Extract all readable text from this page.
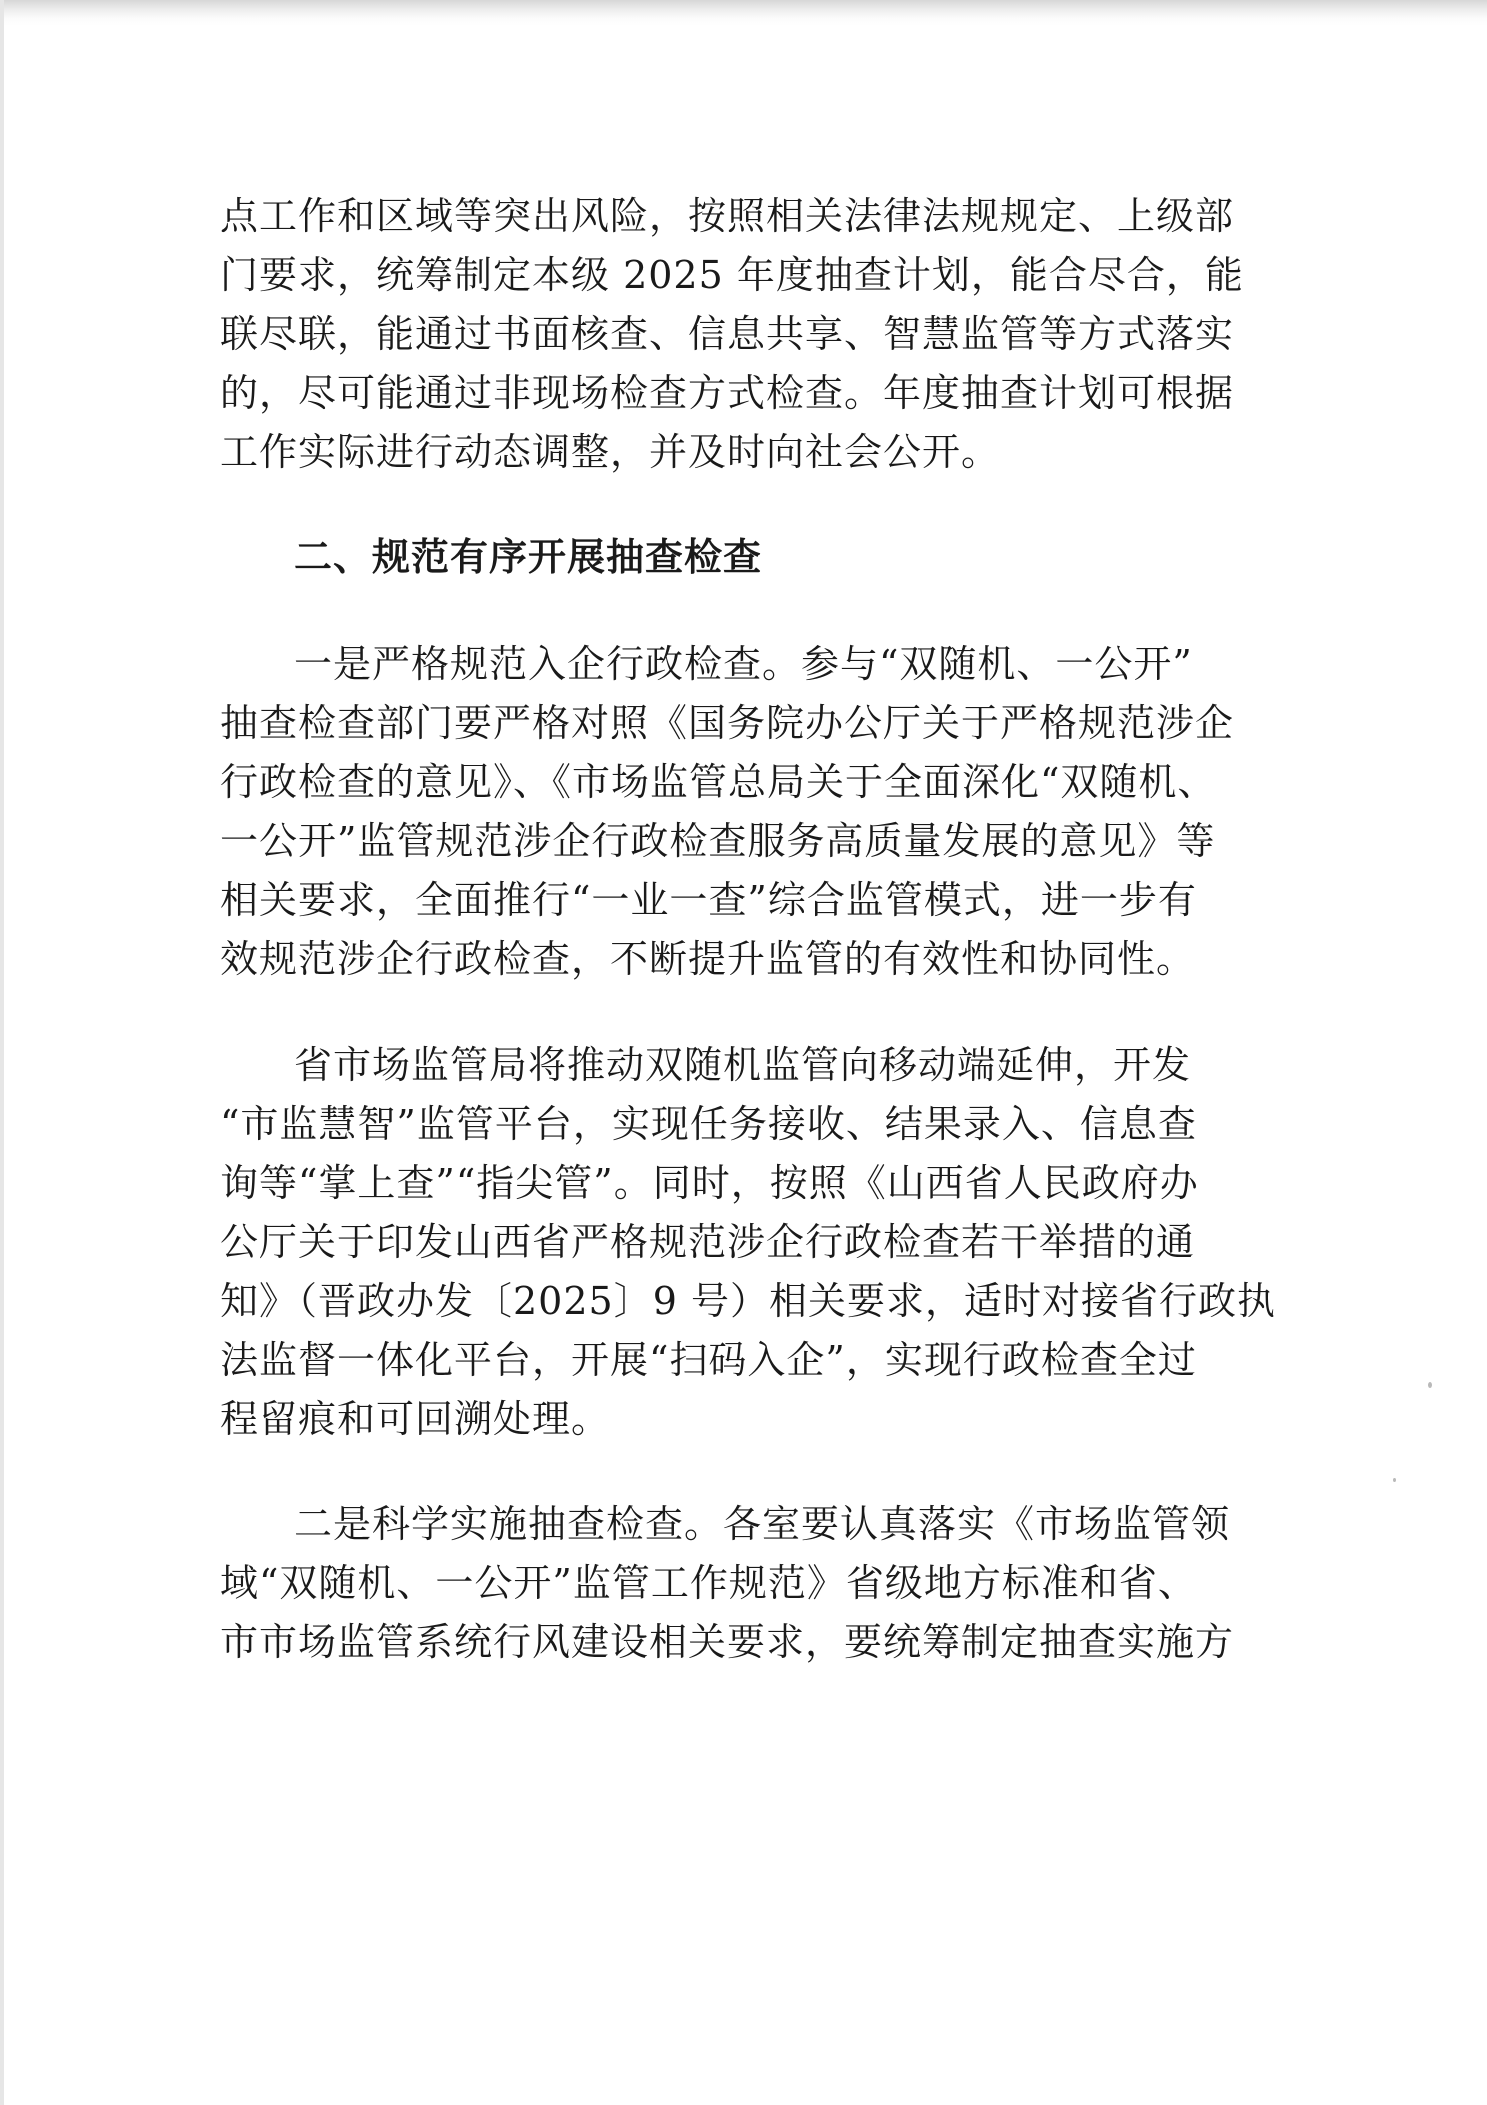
点工作和区域等突出风险，按照相关法律法规规定、上级部
门要求，统筹制定本级 2025 年度抽查计划，能合尽合，能
联尽联，能通过书面核查、信息共享、智慧监管等方式落实
的，尽可能通过非现场检查方式检查。年度抽查计划可根据
工作实际进行动态调整，并及时向社会公开。
二、规范有序开展抽查检查
一是严格规范入企行政检查。参与“双随机、一公开”
抽查检查部门要严格对照《国务院办公厅关于严格规范涉企
行政检查的意见》、《市场监管总局关于全面深化“双随机、
一公开”监管规范涉企行政检查服务高质量发展的意见》等
相关要求，全面推行“一业一查”综合监管模式，进一步有
效规范涉企行政检查，不断提升监管的有效性和协同性。
省市场监管局将推动双随机监管向移动端延伸，开发
“市监慧智”监管平台，实现任务接收、结果录入、信息查
询等“掌上查”“指尖管”。同时，按照《山西省人民政府办
公厅关于印发山西省严格规范涉企行政检查若干举措的通
知》（晋政办发〔2025〕9 号）相关要求，适时对接省行政执
法监督一体化平台，开展“扫码入企”，实现行政检查全过
程留痕和可回溯处理。
二是科学实施抽查检查。各室要认真落实《市场监管领
域“双随机、一公开”监管工作规范》省级地方标准和省、
市市场监管系统行风建设相关要求，要统筹制定抽查实施方
